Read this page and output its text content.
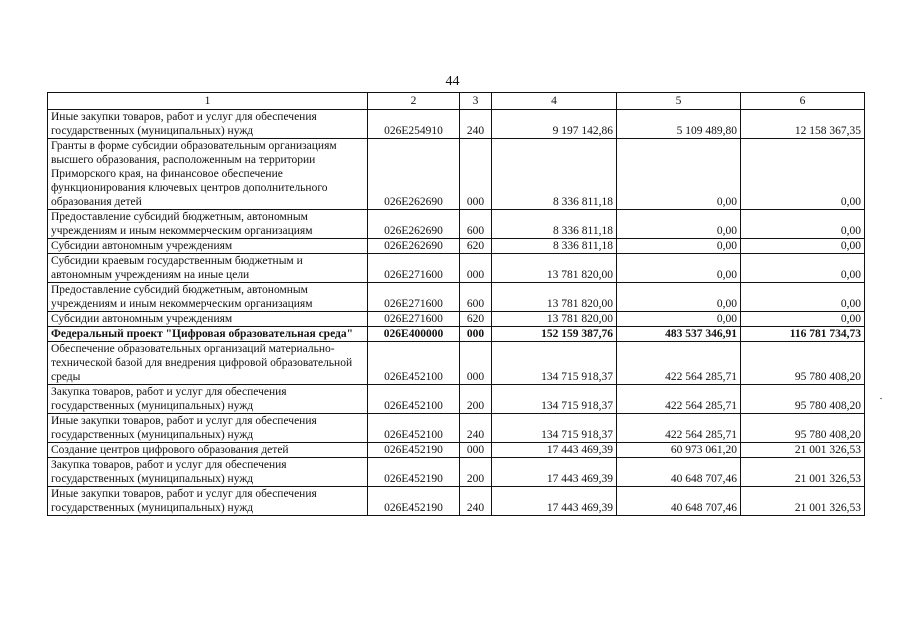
44
1	2	3	4	5	6
Иные закупки товаров, работ и услуг для обеспечения государственных (муниципальных) нужд	026E254910	240	9 197 142,86	5 109 489,80	12 158 367,35
Гранты в форме субсидии образовательным организациям высшего образования, расположенным на территории Приморского края, на финансовое обеспечение функционирования ключевых центров дополнительного образования детей	026E262690	000	8 336 811,18	0,00	0,00
Предоставление субсидий бюджетным, автономным учреждениям и иным некоммерческим организациям	026E262690	600	8 336 811,18	0,00	0,00
Субсидии автономным учреждениям	026E262690	620	8 336 811,18	0,00	0,00
Субсидии краевым государственным бюджетным и автономным учреждениям на иные цели	026E271600	000	13 781 820,00	0,00	0,00
Предоставление субсидий бюджетным, автономным учреждениям и иным некоммерческим организациям	026E271600	600	13 781 820,00	0,00	0,00
Субсидии автономным учреждениям	026E271600	620	13 781 820,00	0,00	0,00
Федеральный проект "Цифровая образовательная среда"	026E400000	000	152 159 387,76	483 537 346,91	116 781 734,73
Обеспечение образовательных организаций материально-технической базой для внедрения цифровой образовательной среды	026E452100	000	134 715 918,37	422 564 285,71	95 780 408,20
Закупка товаров, работ и услуг для обеспечения государственных (муниципальных) нужд	026E452100	200	134 715 918,37	422 564 285,71	95 780 408,20
Иные закупки товаров, работ и услуг для обеспечения государственных (муниципальных) нужд	026E452100	240	134 715 918,37	422 564 285,71	95 780 408,20
Создание центров цифрового образования детей	026E452190	000	17 443 469,39	60 973 061,20	21 001 326,53
Закупка товаров, работ и услуг для обеспечения государственных (муниципальных) нужд	026E452190	200	17 443 469,39	40 648 707,46	21 001 326,53
Иные закупки товаров, работ и услуг для обеспечения государственных (муниципальных) нужд	026E452190	240	17 443 469,39	40 648 707,46	21 001 326,53
